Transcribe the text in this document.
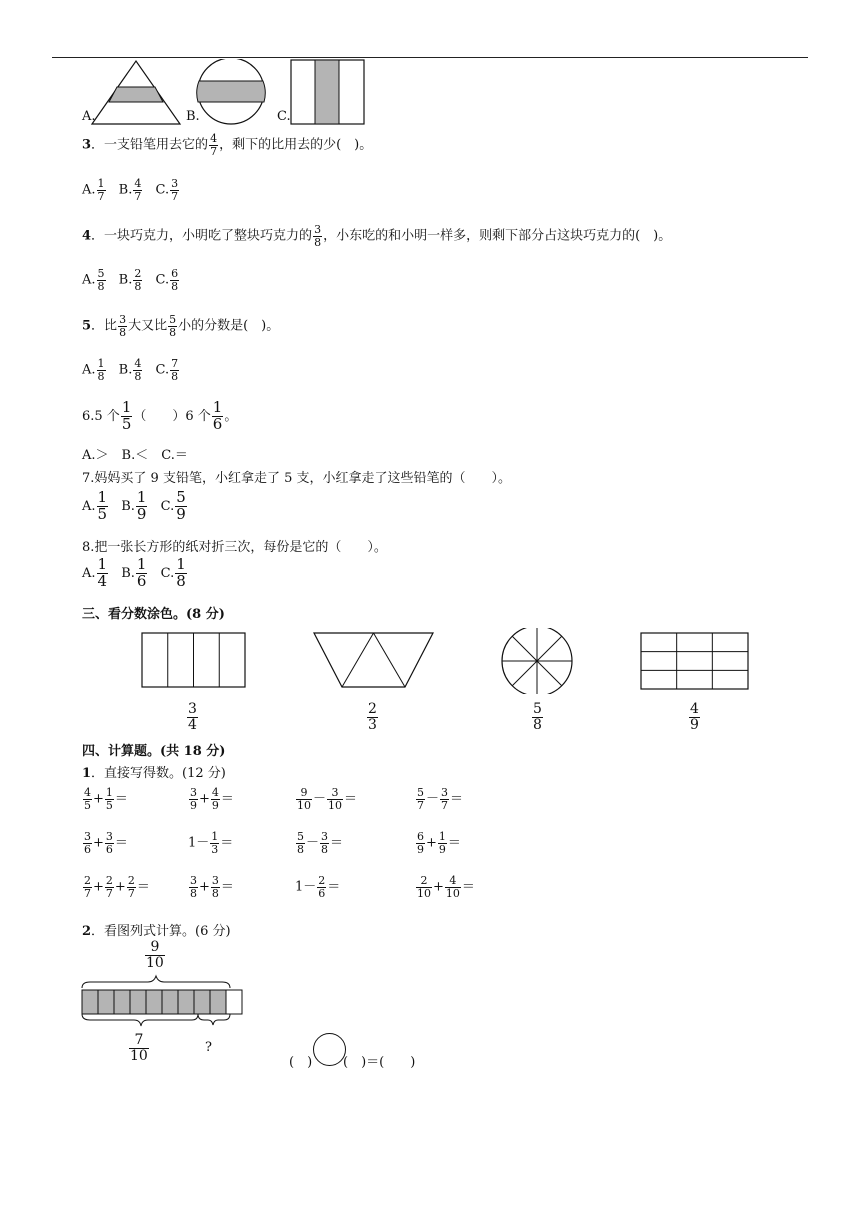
A.	B.	C.
3．一支铅笔用去它的 $\frac{4}{7}$ ，剩下的比用去的少(　)。
A. $\frac{1}{7} B$. $\frac{4}{7} C$. $\frac{3}{7}$
4．一块巧克力，小明吃了整块巧克力的 $\frac{3}{8}$ ，小东吃的和小明一样多，则剩下部分占这块巧克力的(　)。
A. $\frac{5}{8} B$. $\frac{2}{8} C$. $\frac{6}{8}$
5．比 $\frac{3}{8}$ 大又比 $\frac{5}{8}$ 小的分数是(　)。
A. $\frac{1}{8} B$. $\frac{4}{8} C$. $\frac{7}{8}$
6.5 个 $\frac{1}{5}$ （　　）6 个 $\frac{1}{6}$ 。
A.＞　B.＜　C.＝
7.妈妈买了 9 支铅笔，小红拿走了 5 支，小红拿走了这些铅笔的（　　）。
A. $\frac{1}{5} B$. $\frac{1}{9} C$. $\frac{5}{9}$
8.把一张长方形的纸对折三次，每份是它的（　　）。
A. $\frac{1}{4} B$. $\frac{1}{6} C$. $\frac{1}{8}$
三、看分数涂色。(8 分)
$\frac{3}{4}$	$\frac{2}{3}$	$\frac{5}{8}$	$\frac{4}{9}$
四、计算题。(共 18 分)
1．直接写得数。(12 分)
$\frac{4}{5} + \frac{1}{5}$ ＝	$\frac{3}{9} + \frac{4}{9}$ ＝	$\frac{9}{10} - \frac{3}{10}$ ＝	$\frac{5}{7} - \frac{3}{7}$ ＝
$\frac{3}{6} + \frac{3}{6}$ ＝	$1- \frac{1}{3}$ ＝	$\frac{5}{8} - \frac{3}{8}$ ＝	$\frac{6}{9} + \frac{1}{9}$ ＝
$\frac{2}{7} + \frac{2}{7} + \frac{2}{7}$ ＝	$\frac{3}{8} + \frac{3}{8}$ ＝	$1- \frac{2}{6}$ ＝	$\frac{2}{10} + \frac{4}{10}$ ＝
2．看图列式计算。(6 分)
$\frac{9}{10}$
$\frac{7}{10}$	?
(　) (　)＝(　　)
